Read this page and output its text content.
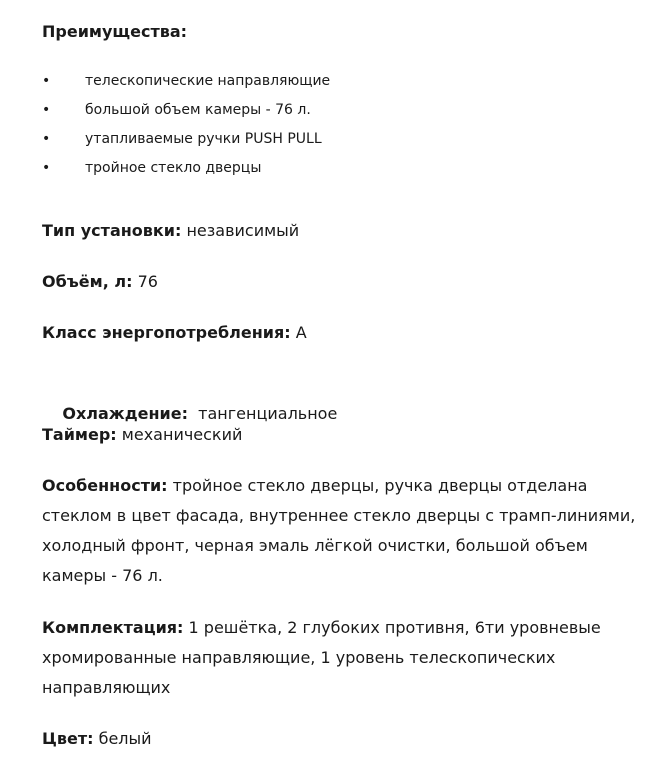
Преимущества:
• телескопические направляющие
• большой объем камеры - 76 л.
• утапливаемые ручки PUSH PULL
• тройное стекло дверцы

Тип установки: независимый

Объём, л: 76

Класс энергопотребления: A

Охлаждение:  тангенциальное

Таймер: механический

Особенности: тройное стекло дверцы, ручка дверцы отделана стеклом в цвет фасада, внутреннее стекло дверцы с трамп-линиями, холодный фронт, черная эмаль лёгкой очистки, большой объем камеры - 76 л.

Комплектация: 1 решётка, 2 глубоких противня, 6ти уровневые хромированные направляющие, 1 уровень телескопических направляющих

Цвет: белый
